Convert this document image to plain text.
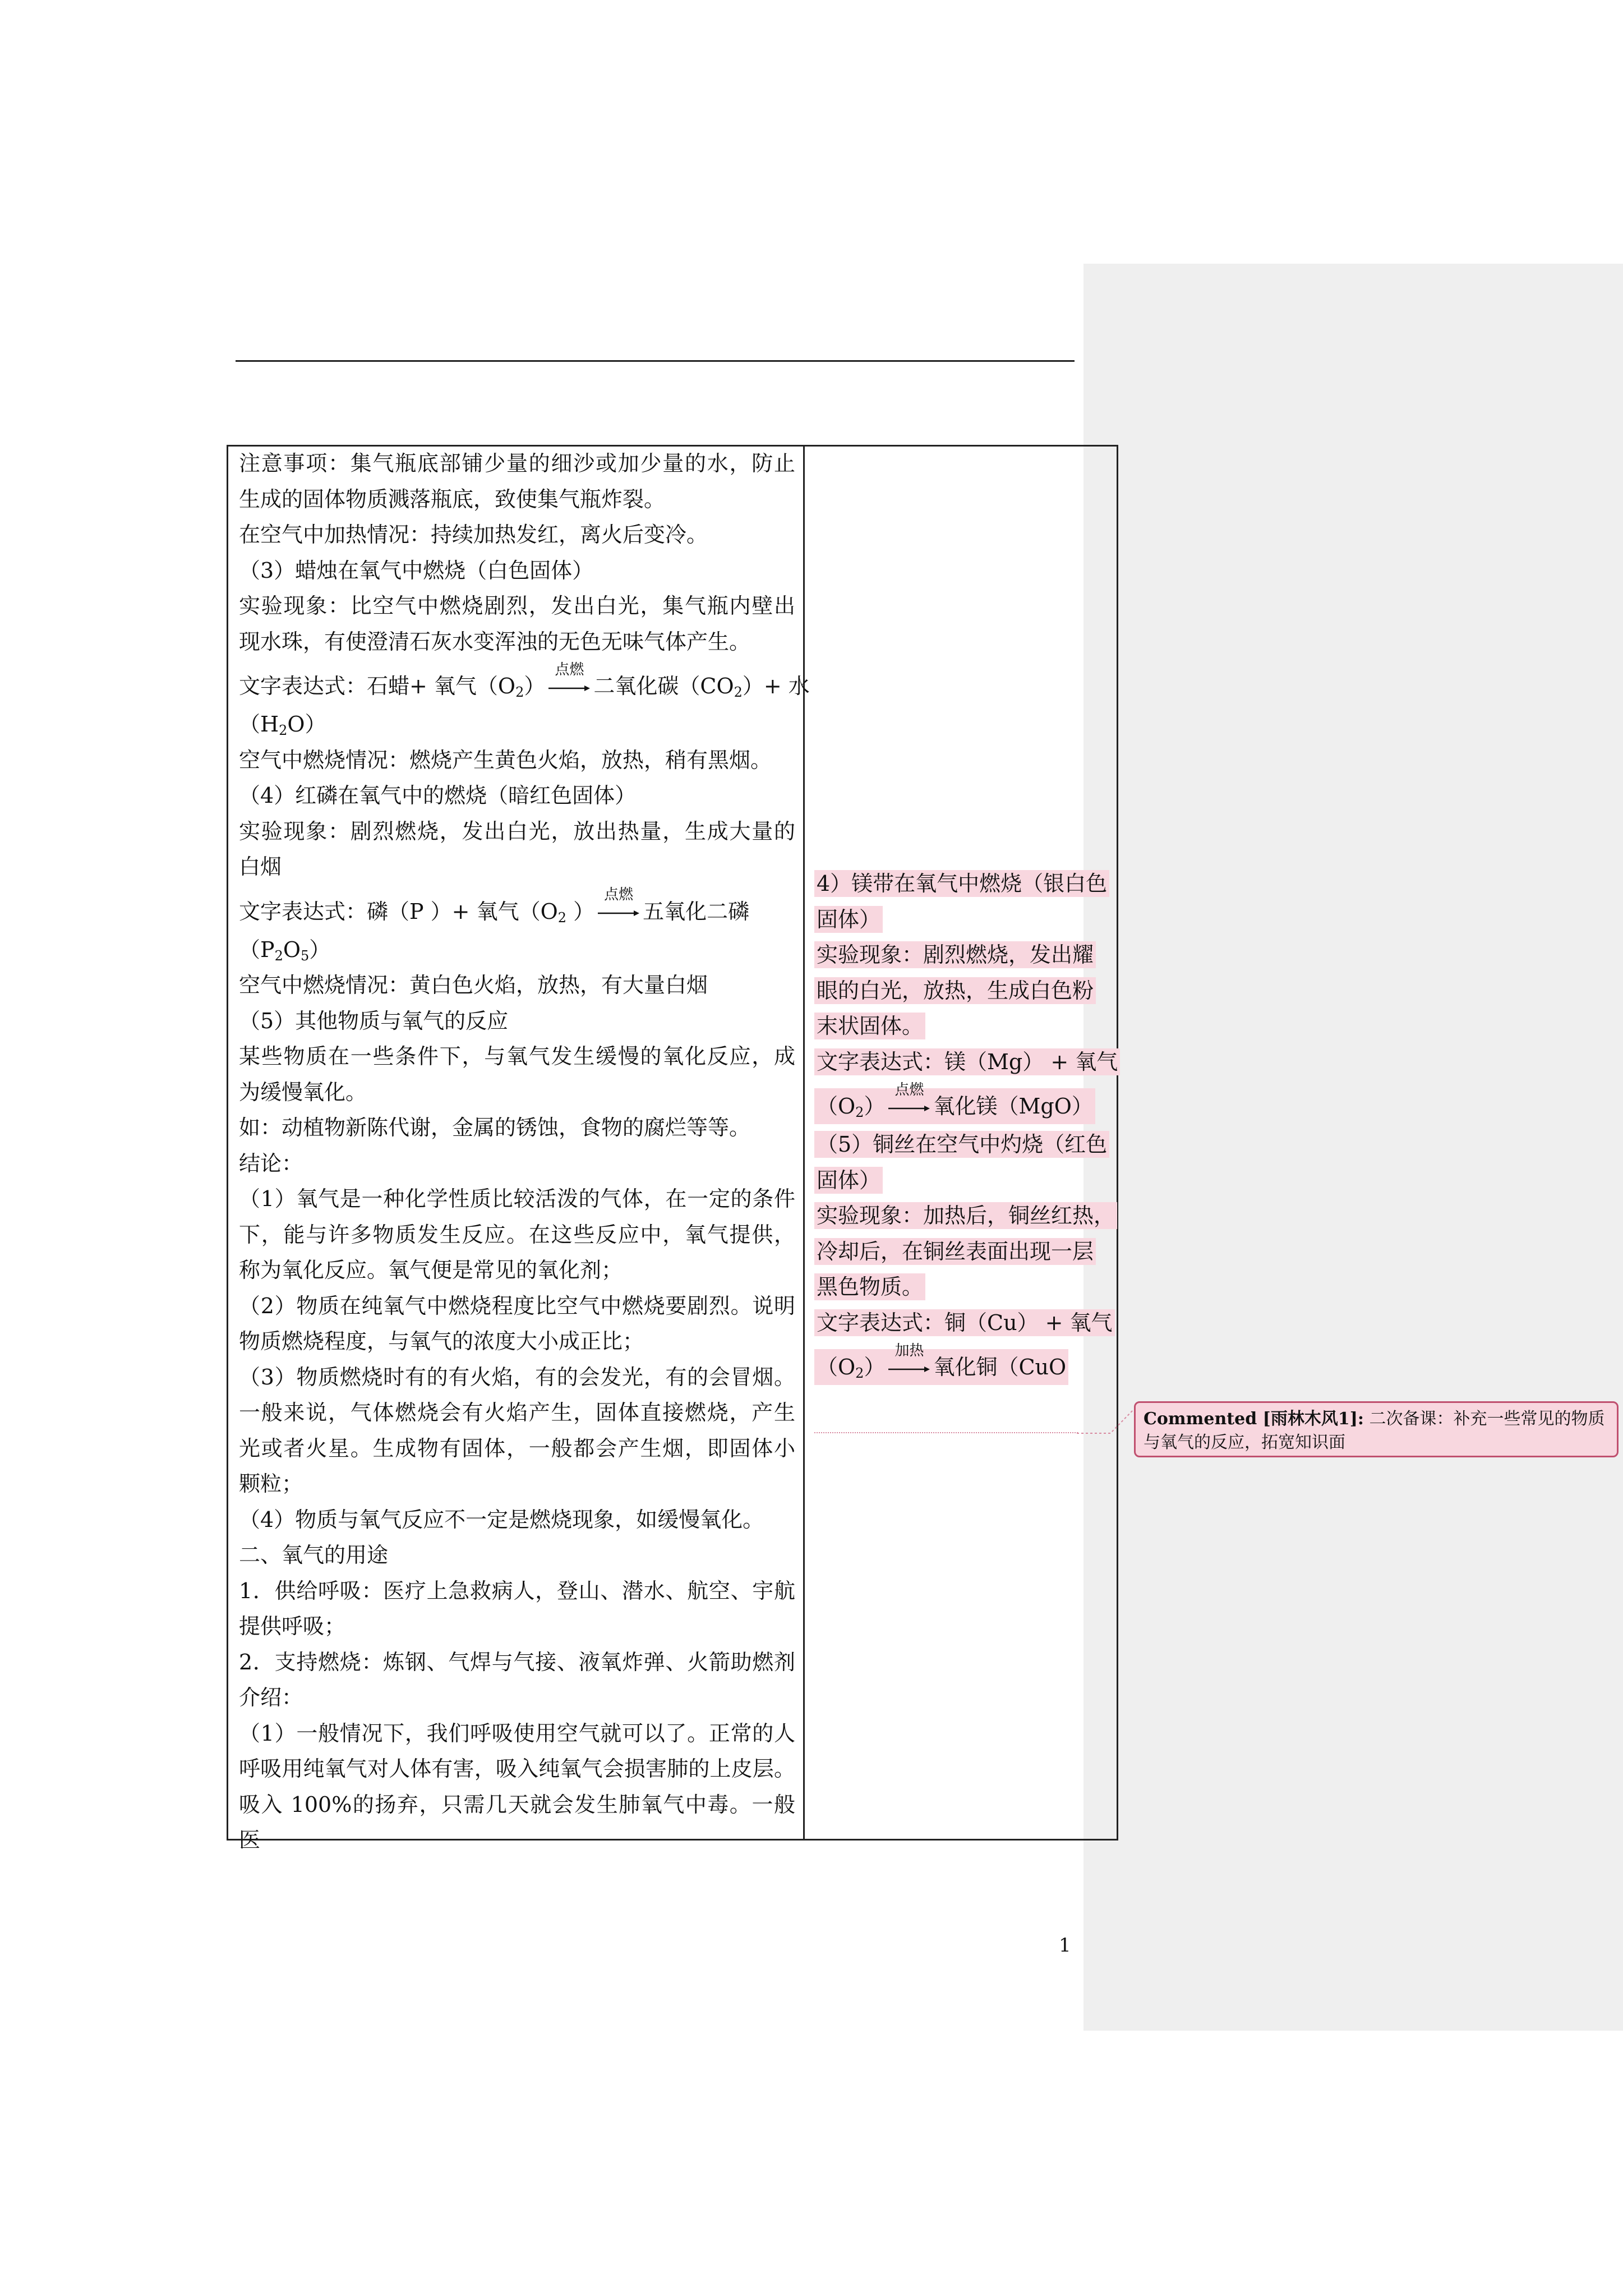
注意事项：集气瓶底部铺少量的细沙或加少量的水，防止
生成的固体物质溅落瓶底，致使集气瓶炸裂。
在空气中加热情况：持续加热发红，离火后变冷。
（3）蜡烛在氧气中燃烧（白色固体）
实验现象：比空气中燃烧剧烈，发出白光，集气瓶内壁出
现水珠，有使澄清石灰水变浑浊的无色无味气体产生。
文字表达式：石蜡+ 氧气$(O_2)$
点燃
二氧化碳$(CO_2)+$ 水
$(H_2O)$
空气中燃烧情况：燃烧产生黄色火焰，放热，稍有黑烟。
（4）红磷在氧气中的燃烧（暗红色固体）
实验现象：剧烈燃烧，发出白光，放出热量，生成大量的
白烟
文字表达式：磷（P ）+ 氧气（$O_2$ ）
点燃
五氧化二磷
$(P_2O_5)$
空气中燃烧情况：黄白色火焰，放热，有大量白烟
（5）其他物质与氧气的反应
某些物质在一些条件下，与氧气发生缓慢的氧化反应，成
为缓慢氧化。
如：动植物新陈代谢，金属的锈蚀，食物的腐烂等等。
结论：
（1）氧气是一种化学性质比较活泼的气体，在一定的条件
下，能与许多物质发生反应。在这些反应中，氧气提供，
称为氧化反应。氧气便是常见的氧化剂；
（2）物质在纯氧气中燃烧程度比空气中燃烧要剧烈。说明
物质燃烧程度，与氧气的浓度大小成正比；
（3）物质燃烧时有的有火焰，有的会发光，有的会冒烟。
一般来说，气体燃烧会有火焰产生，固体直接燃烧，产生
光或者火星。生成物有固体，一般都会产生烟，即固体小
颗粒；
（4）物质与氧气反应不一定是燃烧现象，如缓慢氧化。
二、氧气的用途
1．供给呼吸：医疗上急救病人，登山、潜水、航空、宇航
提供呼吸；
2．支持燃烧：炼钢、气焊与气接、液氧炸弹、火箭助燃剂
介绍：
（1）一般情况下，我们呼吸使用空气就可以了。正常的人
呼吸用纯氧气对人体有害，吸入纯氧气会损害肺的上皮层。
吸入 100%的扬弃，只需几天就会发生肺氧气中毒。一般医
4）镁带在氧气中燃烧（银白色
固体）
实验现象：剧烈燃烧，发出耀
眼的白光，放热，生成白色粉
末状固体。
文字表达式：镁（Mg） + 氧气
$(O_2)$
点燃
氧化镁（MgO）
（5）铜丝在空气中灼烧（红色
固体）
实验现象：加热后，铜丝红热，
冷却后，在铜丝表面出现一层
黑色物质。
文字表达式：铜（Cu） + 氧气
$(O_2)$
加热
氧化铜（CuO
Commented [雨林木风1]: 二次备课：补充一些常见的物质与氧气的反应，拓宽知识面
1
